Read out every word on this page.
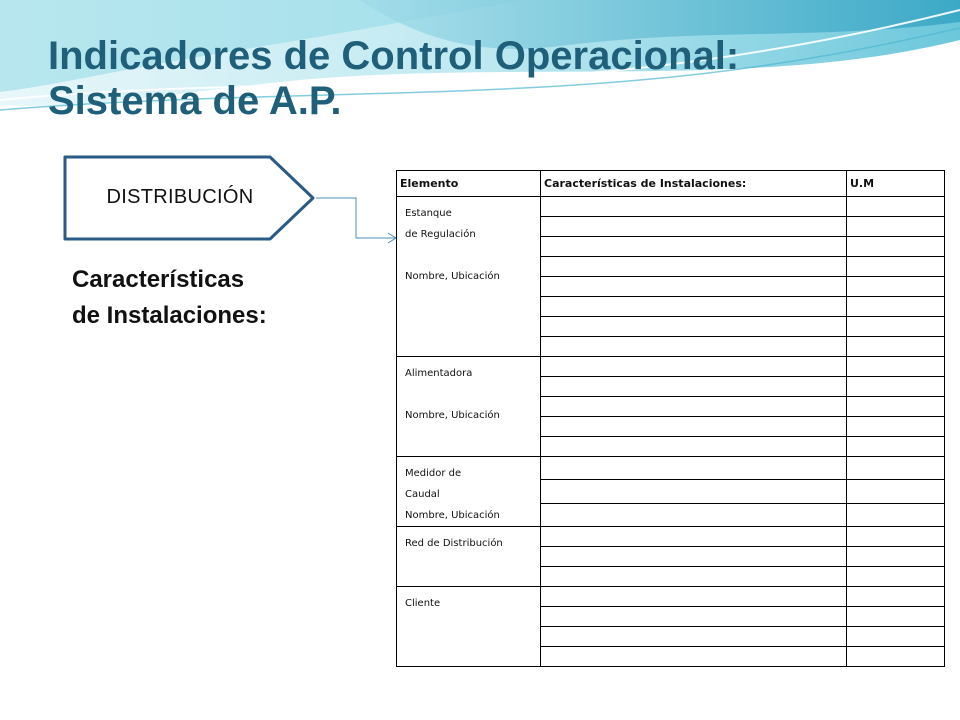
Indicadores de Control Operacional:
Sistema de A.P.
DISTRIBUCIÓN
Características
de Instalaciones:
Elemento	Características de Instalaciones:	U.M

Estanque
de Regulación
Nombre, Ubicación		

Alimentadora
Nombre, Ubicación		

Medidor de
Caudal
Nombre, Ubicación		

Red de Distribución		

Cliente		
